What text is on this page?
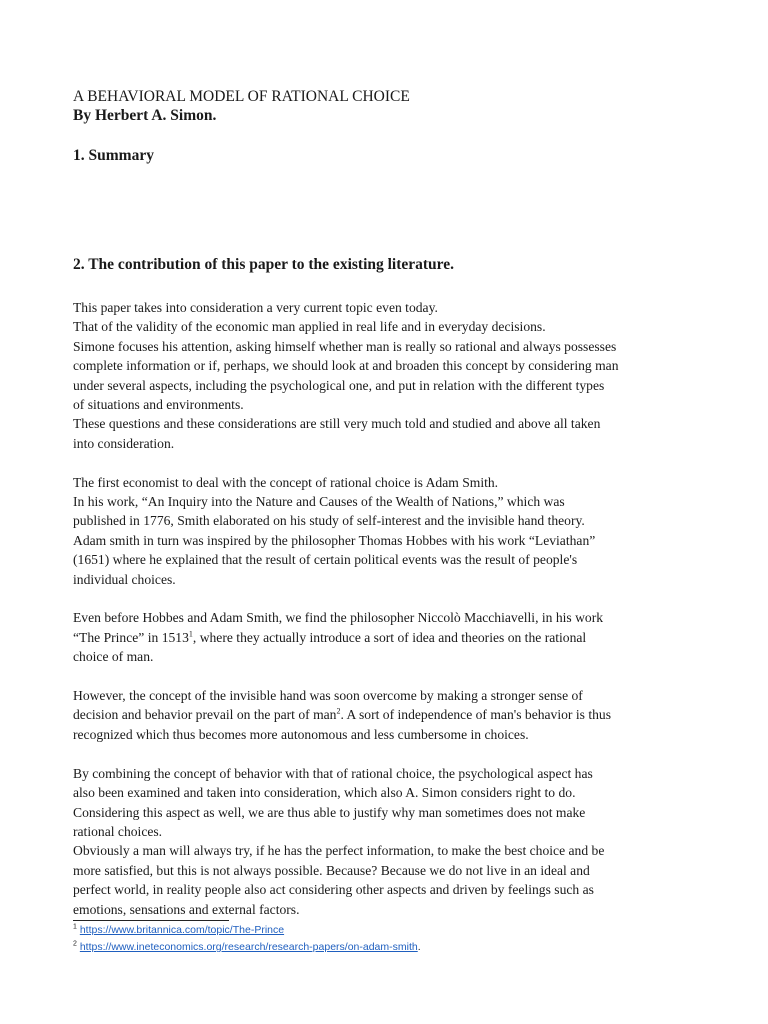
A BEHAVIORAL MODEL OF RATIONAL CHOICE
By Herbert A. Simon.
1. Summary
2. The contribution of this paper to the existing literature.
This paper takes into consideration a very current topic even today.
That of the validity of the economic man applied in real life and in everyday decisions.
Simone focuses his attention, asking himself whether man is really so rational and always possesses
complete information or if, perhaps, we should look at and broaden this concept by considering man
under several aspects, including the psychological one, and put in relation with the different types
of situations and environments.
These questions and these considerations are still very much told and studied and above all taken
into consideration.
The first economist to deal with the concept of rational choice is Adam Smith.
In his work, “An Inquiry into the Nature and Causes of the Wealth of Nations,” which was
published in 1776, Smith elaborated on his study of self-interest and the invisible hand theory.
Adam smith in turn was inspired by the philosopher Thomas Hobbes with his work “Leviathan”
(1651) where he explained that the result of certain political events was the result of people's
individual choices.
Even before Hobbes and Adam Smith, we find the philosopher Niccolò Macchiavelli, in his work
“The Prince” in 1513$^1$, where they actually introduce a sort of idea and theories on the rational
choice of man.
However, the concept of the invisible hand was soon overcome by making a stronger sense of
decision and behavior prevail on the part of man$^2$. A sort of independence of man's behavior is thus
recognized which thus becomes more autonomous and less cumbersome in choices.
By combining the concept of behavior with that of rational choice, the psychological aspect has
also been examined and taken into consideration, which also A. Simon considers right to do.
Considering this aspect as well, we are thus able to justify why man sometimes does not make
rational choices.
Obviously a man will always try, if he has the perfect information, to make the best choice and be
more satisfied, but this is not always possible. Because? Because we do not live in an ideal and
perfect world, in reality people also act considering other aspects and driven by feelings such as
emotions, sensations and external factors.
$^1$ https://www.britannica.com/topic/The-Prince
$^2$ https://www.ineteconomics.org/research/research-papers/on-adam-smith.
